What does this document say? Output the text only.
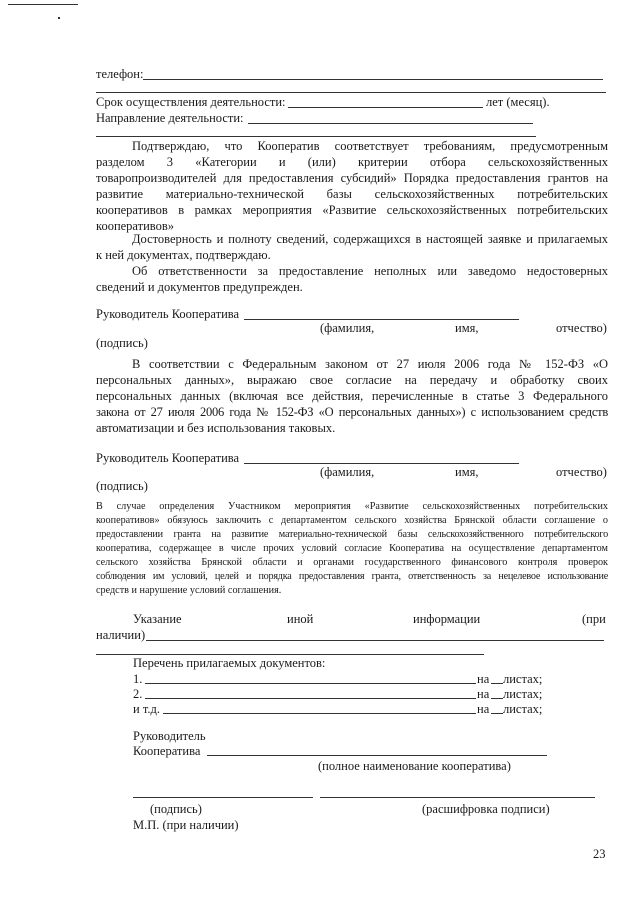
телефон:
Срок осуществления деятельности:	лет (месяц).
Направление деятельности:
Подтверждаю, что Кооператив соответствует требованиям, предусмотренным
разделом 3 «Категории и (или) критерии отбора сельскохозяйственных
товаропроизводителей для предоставления субсидий» Порядка предоставления грантов на
развитие материально-технической базы сельскохозяйственных потребительских
кооперативов в рамках мероприятия «Развитие сельскохозяйственных потребительских
кооперативов»
Достоверность и полноту сведений, содержащихся в настоящей заявке и прилагаемых
к ней документах, подтверждаю.
Об ответственности за предоставление неполных или заведомо недостоверных
сведений и документов предупрежден.
Руководитель Кооператива
(фамилия,	имя,	отчество)
(подпись)
В соответствии с Федеральным законом от 27 июля 2006 года № 152-ФЗ «О
персональных данных», выражаю свое согласие на передачу и обработку своих
персональных данных (включая все действия, перечисленные в статье 3 Федерального
закона от 27 июля 2006 года № 152-ФЗ «О персональных данных») с использованием средств
автоматизации и без использования таковых.
Руководитель Кооператива
(фамилия,	имя,	отчество)
(подпись)
В случае определения Участником мероприятия «Развитие сельскохозяйственных потребительских
кооперативов» обязуюсь заключить с департаментом сельского хозяйства Брянской области соглашение о
предоставлении гранта на развитие материально-технической базы сельскохозяйственного потребительского
кооператива, содержащее в числе прочих условий согласие Кооператива на осуществление департаментом
сельского хозяйства Брянской области и органами государственного финансового контроля проверок
соблюдения им условий, целей и порядка предоставления гранта, ответственность за нецелевое использование
средств и нарушение условий соглашения.
Указание	иной	информации	(при
наличии)
Перечень прилагаемых документов:
1.	на листах;
2.	на листах;
и т.д.	на листах;
Руководитель
Кооператива
(полное наименование кооператива)
(подпись)	(расшифровка подписи)
М.П. (при наличии)
23
